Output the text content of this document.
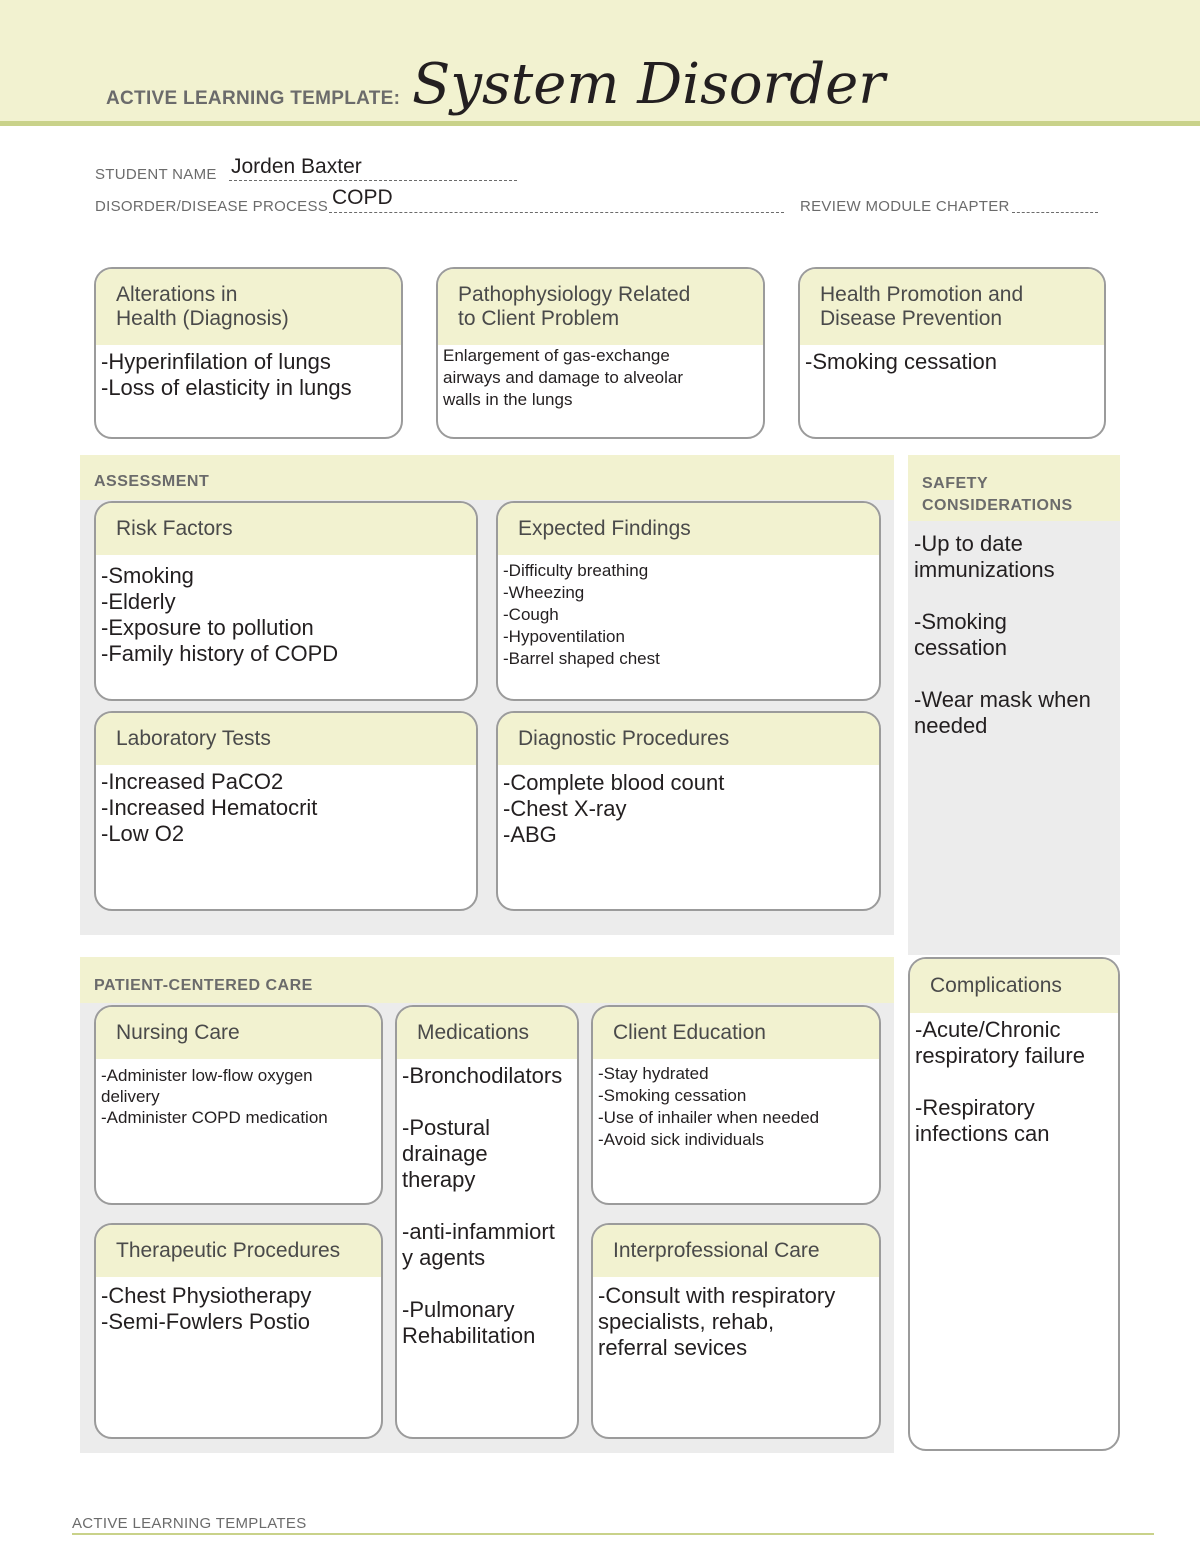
ACTIVE LEARNING TEMPLATE: System Disorder
STUDENT NAME Jorden Baxter
DISORDER/DISEASE PROCESS COPD	REVIEW MODULE CHAPTER
Alterations in
Health (Diagnosis)
-Hyperinfilation of lungs
-Loss of elasticity in lungs
Pathophysiology Related
to Client Problem
Enlargement of gas-exchange
airways and damage to alveolar
walls in the lungs
Health Promotion and
Disease Prevention
-Smoking cessation
ASSESSMENT
Risk Factors
-Smoking
-Elderly
-Exposure to pollution
-Family history of COPD
Expected Findings
-Difficulty breathing
-Wheezing
-Cough
-Hypoventilation
-Barrel shaped chest
Laboratory Tests
-Increased PaCO2
-Increased Hematocrit
-Low O2
Diagnostic Procedures
-Complete blood count
-Chest X-ray
-ABG
SAFETY
CONSIDERATIONS
-Up to date
immunizations
-Smoking
cessation
-Wear mask when
needed
PATIENT-CENTERED CARE
Nursing Care
-Administer low-flow oxygen
delivery
-Administer COPD medication
Medications
-Bronchodilators
-Postural
drainage
therapy
-anti-infammiort
y agents
-Pulmonary
Rehabilitation
Client Education
-Stay hydrated
-Smoking cessation
-Use of inhailer when needed
-Avoid sick individuals
Therapeutic Procedures
-Chest Physiotherapy
-Semi-Fowlers Postio
Interprofessional Care
-Consult with respiratory
specialists, rehab,
referral sevices
Complications
-Acute/Chronic
respiratory failure
-Respiratory
infections can
ACTIVE LEARNING TEMPLATES
